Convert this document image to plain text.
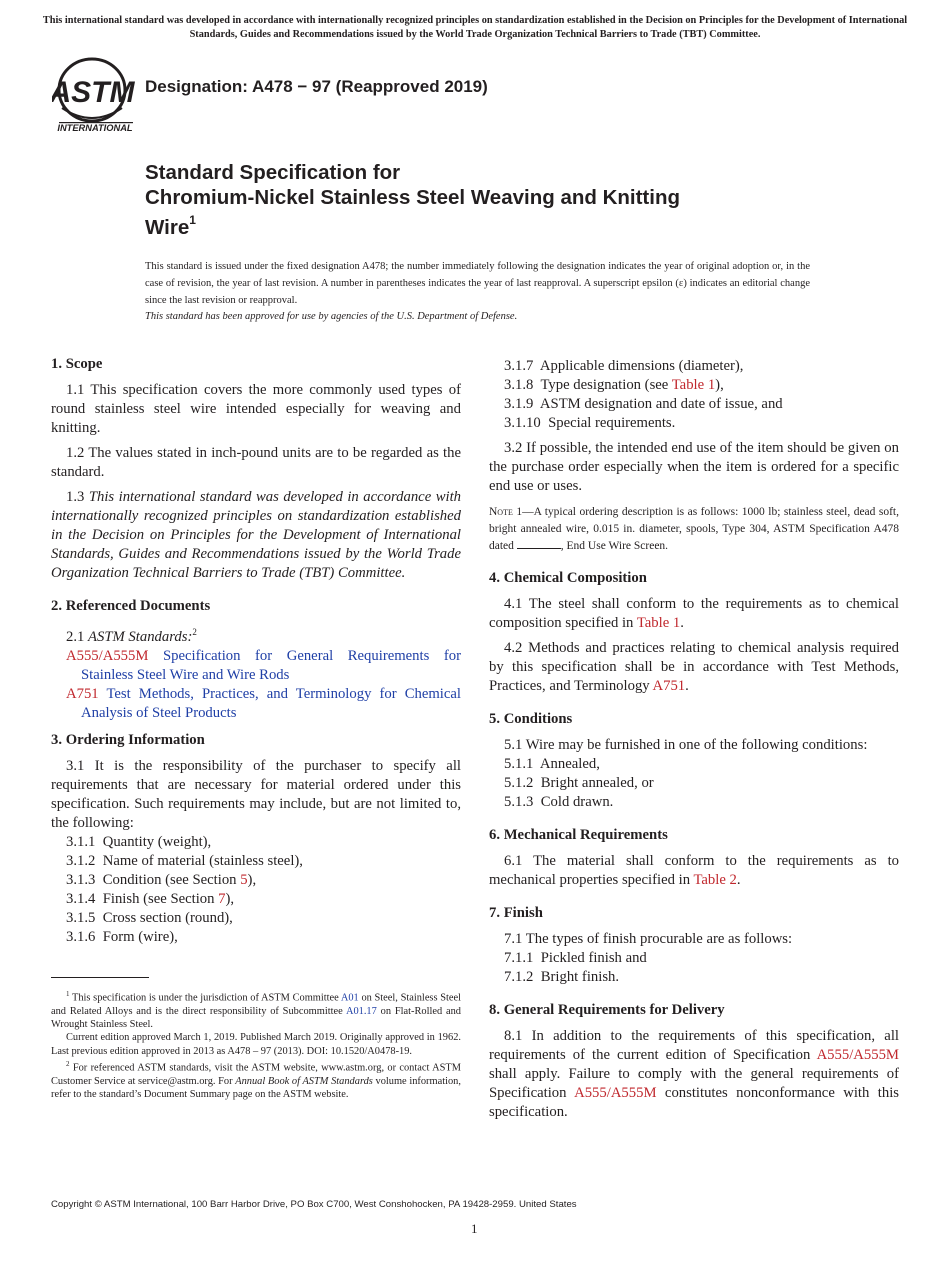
This international standard was developed in accordance with internationally recognized principles on standardization established in the Decision on Principles for the Development of International Standards, Guides and Recommendations issued by the World Trade Organization Technical Barriers to Trade (TBT) Committee.
ASTM
INTERNATIONAL
Designation: A478 − 97 (Reapproved 2019)
Standard Specification for
Chromium-Nickel Stainless Steel Weaving and Knitting
Wire$^1$
This standard is issued under the fixed designation A478; the number immediately following the designation indicates the year of original adoption or, in the case of revision, the year of last revision. A number in parentheses indicates the year of last reapproval. A superscript epsilon (ε) indicates an editorial change since the last revision or reapproval.
This standard has been approved for use by agencies of the U.S. Department of Defense.
1. Scope

1.1 This specification covers the more commonly used types of round stainless steel wire intended especially for weaving and knitting.

1.2 The values stated in inch-pound units are to be regarded as the standard.

1.3 This international standard was developed in accordance with internationally recognized principles on standardization established in the Decision on Principles for the Development of International Standards, Guides and Recommendations issued by the World Trade Organization Technical Barriers to Trade (TBT) Committee.

2. Referenced Documents
2.1 ASTM Standards:$^2$
A555/A555M Specification for General Requirements for Stainless Steel Wire and Wire Rods
A751 Test Methods, Practices, and Terminology for Chemical Analysis of Steel Products
3. Ordering Information

3.1 It is the responsibility of the purchaser to specify all requirements that are necessary for material ordered under this specification. Such requirements may include, but are not limited to, the following:

3.1.1 Quantity (weight),
3.1.2 Name of material (stainless steel),
3.1.3 Condition (see Section 5),
3.1.4 Finish (see Section 7),
3.1.5 Cross section (round),
3.1.6 Form (wire),
3.1.7 Applicable dimensions (diameter),
3.1.8 Type designation (see Table 1),
3.1.9 ASTM designation and date of issue, and
3.1.10 Special requirements.

3.2 If possible, the intended end use of the item should be given on the purchase order especially when the item is ordered for a specific end use or uses.

Note 1—A typical ordering description is as follows: 1000 lb; stainless steel, dead soft, bright annealed wire, 0.015 in. diameter, spools, Type 304, ASTM Specification A478 dated	, End Use Wire Screen.
4. Chemical Composition

4.1 The steel shall conform to the requirements as to chemical composition specified in Table 1.

4.2 Methods and practices relating to chemical analysis required by this specification shall be in accordance with Test Methods, Practices, and Terminology A751.

5. Conditions

5.1 Wire may be furnished in one of the following conditions:

5.1.1 Annealed,
5.1.2 Bright annealed, or
5.1.3 Cold drawn.
6. Mechanical Requirements

6.1 The material shall conform to the requirements as to mechanical properties specified in Table 2.

7. Finish
7.1 The types of finish procurable are as follows:
7.1.1 Pickled finish and
7.1.2 Bright finish.
8. General Requirements for Delivery

8.1 In addition to the requirements of this specification, all requirements of the current edition of Specification A555/A555M shall apply. Failure to comply with the general requirements of Specification A555/A555M constitutes nonconformance with this specification.

$^1$ This specification is under the jurisdiction of ASTM Committee A01 on Steel, Stainless Steel and Related Alloys and is the direct responsibility of Subcommittee A01.17 on Flat-Rolled and Wrought Stainless Steel.

Current edition approved March 1, 2019. Published March 2019. Originally approved in 1962. Last previous edition approved in 2013 as A478 – 97 (2013). DOI: 10.1520/A0478-19.

$^2$ For referenced ASTM standards, visit the ASTM website, www.astm.org, or contact ASTM Customer Service at service@astm.org. For Annual Book of ASTM Standards volume information, refer to the standard’s Document Summary page on the ASTM website.

Copyright © ASTM International, 100 Barr Harbor Drive, PO Box C700, West Conshohocken, PA 19428-2959. United States
1
